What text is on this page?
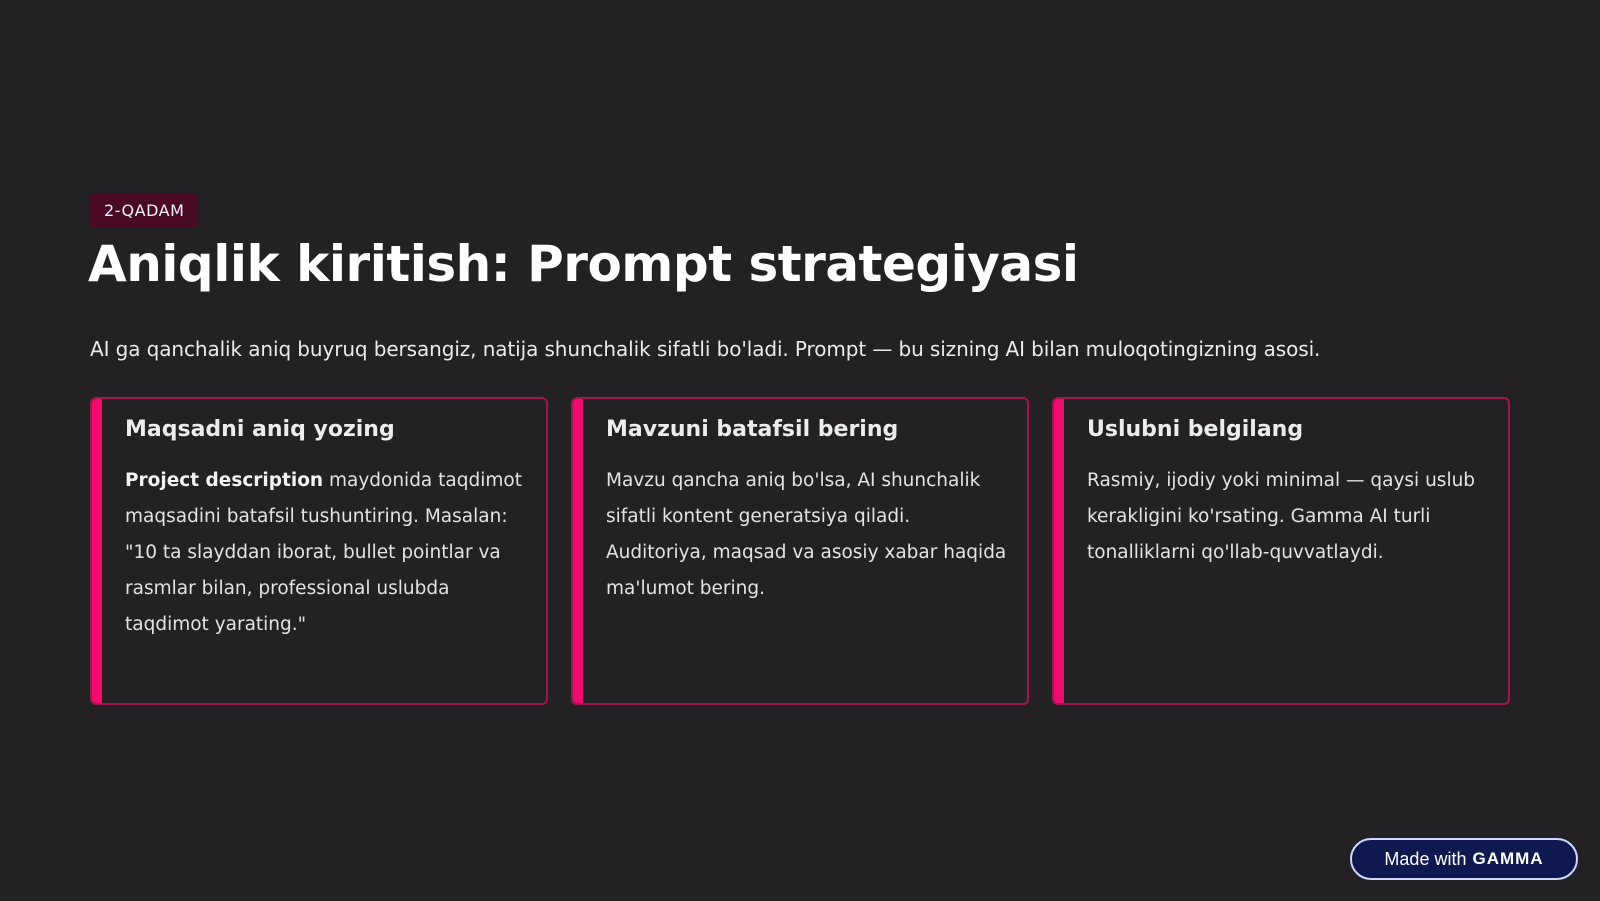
2-QADAM
Aniqlik kiritish: Prompt strategiyasi

AI ga qanchalik aniq buyruq bersangiz, natija shunchalik sifatli bo'ladi. Prompt — bu sizning AI bilan muloqotingizning asosi.

Maqsadni aniq yozing

Project description maydonida taqdimot maqsadini batafsil tushuntiring. Masalan: "10 ta slayddan iborat, bullet pointlar va rasmlar bilan, professional uslubda taqdimot yarating."

Mavzuni batafsil bering

Mavzu qancha aniq bo'lsa, AI shunchalik sifatli kontent generatsiya qiladi. Auditoriya, maqsad va asosiy xabar haqida ma'lumot bering.

Uslubni belgilang

Rasmiy, ijodiy yoki minimal — qaysi uslub kerakligini ko'rsating. Gamma AI turli tonalliklarni qo'llab-quvvatlaydi.

Made with GAMMA
